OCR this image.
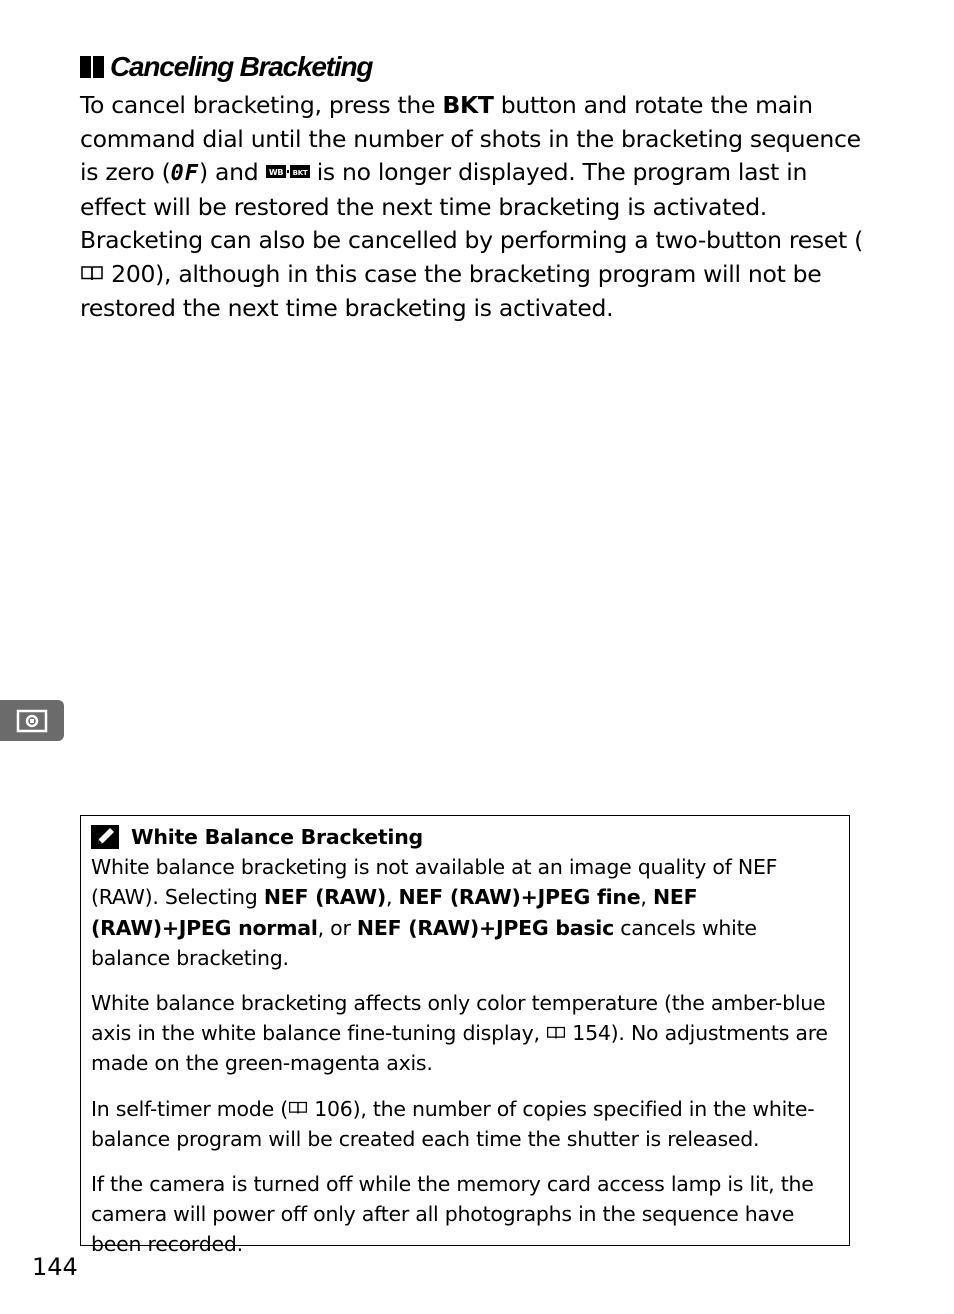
Canceling Bracketing

To cancel bracketing, press the BKT button and rotate the main command dial until the number of shots in the bracketing sequence is zero (0F) and WB BKT is no longer displayed. The program last in effect will be restored the next time bracketing is activated. Bracketing can also be cancelled by performing a two-button reset ( 200), although in this case the bracketing program will not be restored the next time bracketing is activated.

White Balance Bracketing

White balance bracketing is not available at an image quality of NEF (RAW). Selecting NEF (RAW), NEF (RAW)+JPEG fine, NEF (RAW)+JPEG normal, or NEF (RAW)+JPEG basic cancels white balance bracketing.

White balance bracketing affects only color temperature (the amber-blue axis in the white balance fine-tuning display,  154). No adjustments are made on the green-magenta axis.

In self-timer mode ( 106), the number of copies specified in the white-balance program will be created each time the shutter is released.

If the camera is turned off while the memory card access lamp is lit, the camera will power off only after all photographs in the sequence have been recorded.

144
